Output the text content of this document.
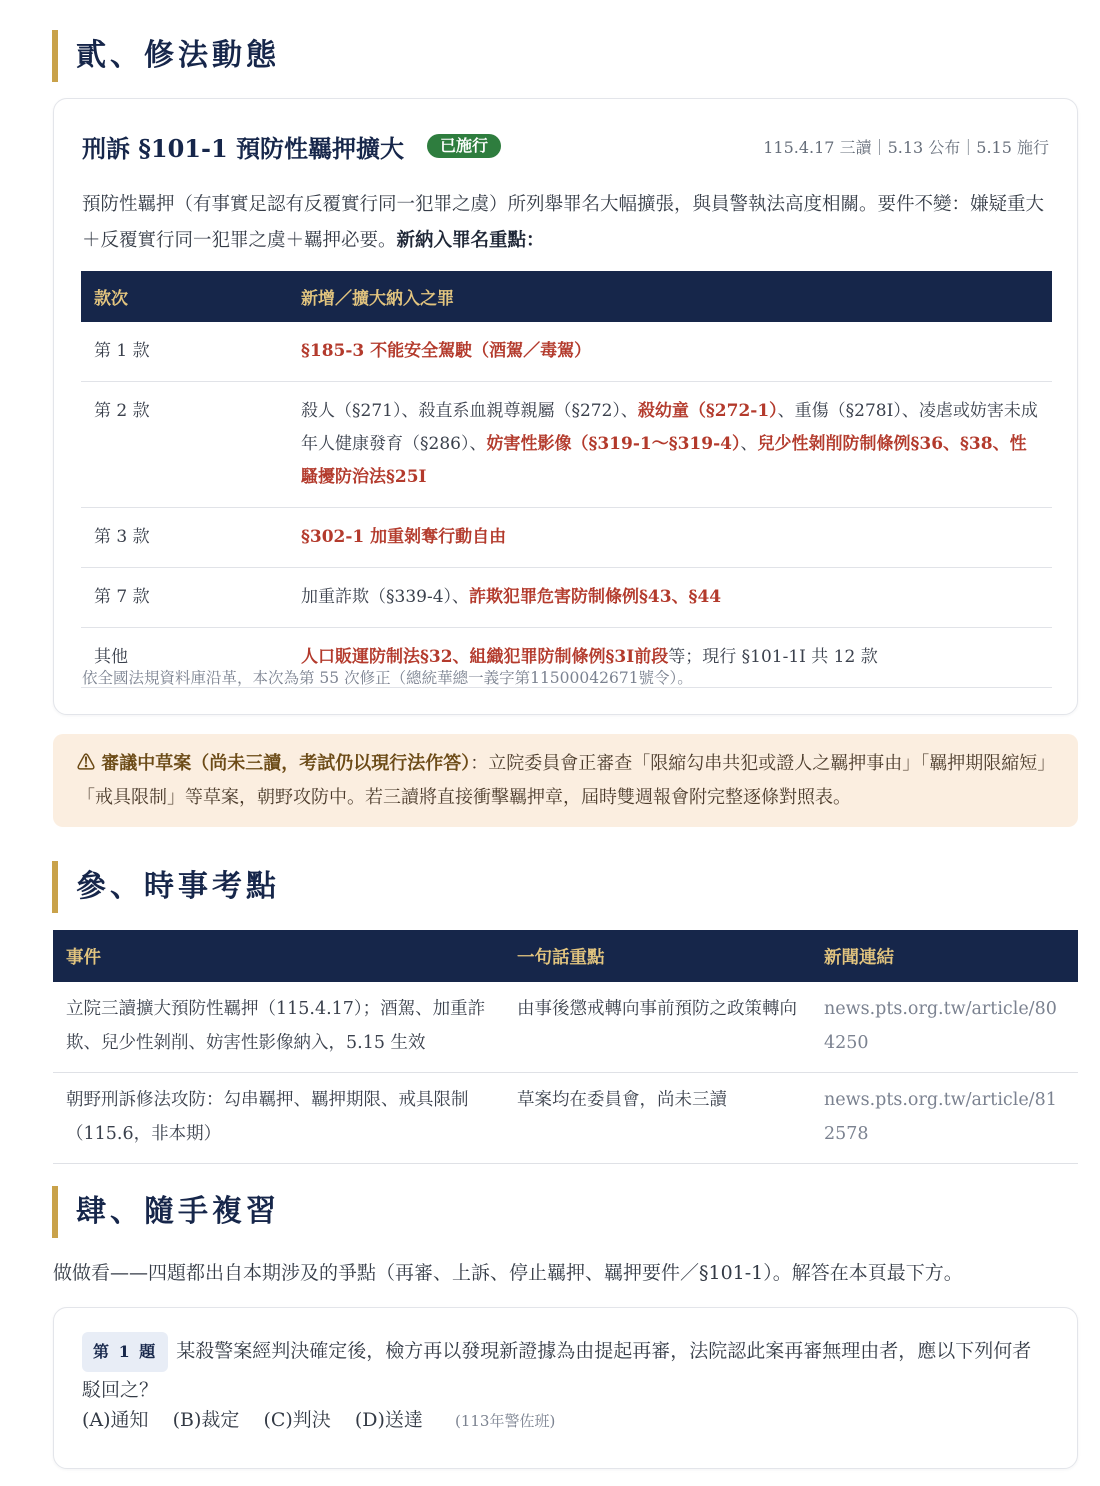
貳、修法動態
刑訴 §101-1 預防性羈押擴大	已施行	115.4.17 三讀｜5.13 公布｜5.15 施行
預防性羈押（有事實足認有反覆實行同一犯罪之虞）所列舉罪名大幅擴張，與員警執法高度相關。要件不變：嫌疑重大＋反覆實行同一犯罪之虞＋羈押必要。新納入罪名重點：
款次	新增／擴大納入之罪
第 1 款	§185-3 不能安全駕駛（酒駕／毒駕）
第 2 款	殺人（§271）、殺直系血親尊親屬（§272）、殺幼童（§272-1）、重傷（§278Ⅰ）、凌虐或妨害未成年人健康發育（§286）、妨害性影像（§319-1～§319-4）、兒少性剝削防制條例§36、§38、性騷擾防治法§25Ⅰ
第 3 款	§302-1 加重剝奪行動自由
第 7 款	加重詐欺（§339-4）、詐欺犯罪危害防制條例§43、§44
其他	人口販運防制法§32、組織犯罪防制條例§3Ⅰ前段等；現行 §101-1Ⅰ 共 12 款
依全國法規資料庫沿革，本次為第 55 次修正（總統華總一義字第11500042671號令）。
⚠ 審議中草案（尚未三讀，考試仍以現行法作答）：立院委員會正審查「限縮勾串共犯或證人之羈押事由」「羈押期限縮短」「戒具限制」等草案，朝野攻防中。若三讀將直接衝擊羈押章，屆時雙週報會附完整逐條對照表。
參、時事考點
事件	一句話重點	新聞連結
立院三讀擴大預防性羈押（115.4.17）；酒駕、加重詐欺、兒少性剝削、妨害性影像納入，5.15 生效	由事後懲戒轉向事前預防之政策轉向	news.pts.org.tw/article/804250
朝野刑訴修法攻防：勾串羈押、羈押期限、戒具限制（115.6，非本期）	草案均在委員會，尚未三讀	news.pts.org.tw/article/812578
肆、隨手複習
做做看——四題都出自本期涉及的爭點（再審、上訴、停止羈押、羈押要件／§101-1）。解答在本頁最下方。
第 1 題 某殺警案經判決確定後，檢方再以發現新證據為由提起再審，法院認此案再審無理由者，應以下列何者駁回之？
(A)通知 (B)裁定 (C)判決 (D)送達 (113年警佐班)
